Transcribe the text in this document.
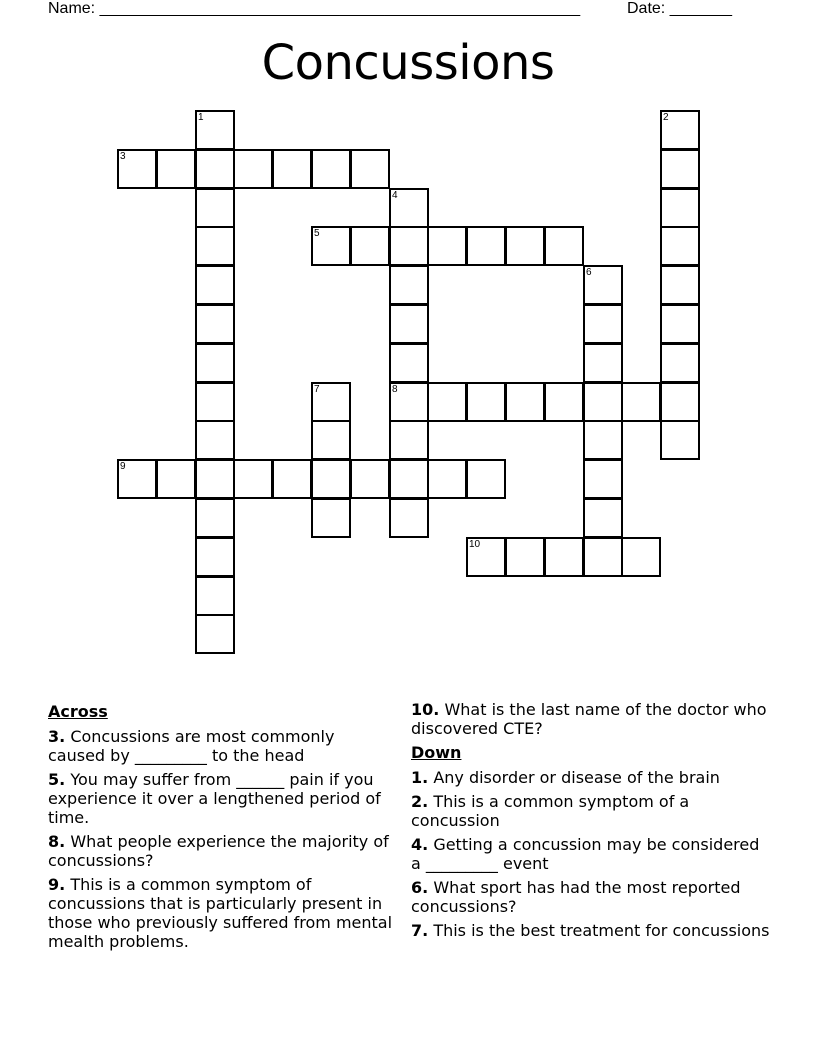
Name: ______________________________________________________	Date: _______
Concussions
1	2
3
4
8
5
6
7
9
10
Across
3. Concussions are most commonly caused by _________ to the head
5. You may suffer from ______ pain if you experience it over a lengthened period of time.
8. What people experience the majority of concussions?
9. This is a common symptom of concussions that is particularly present in those who previously suffered from mental mealth problems.
10. What is the last name of the doctor who discovered CTE?
Down
1. Any disorder or disease of the brain
2. This is a common symptom of a concussion
4. Getting a concussion may be considered a _________ event
6. What sport has had the most reported concussions?
7. This is the best treatment for concussions
